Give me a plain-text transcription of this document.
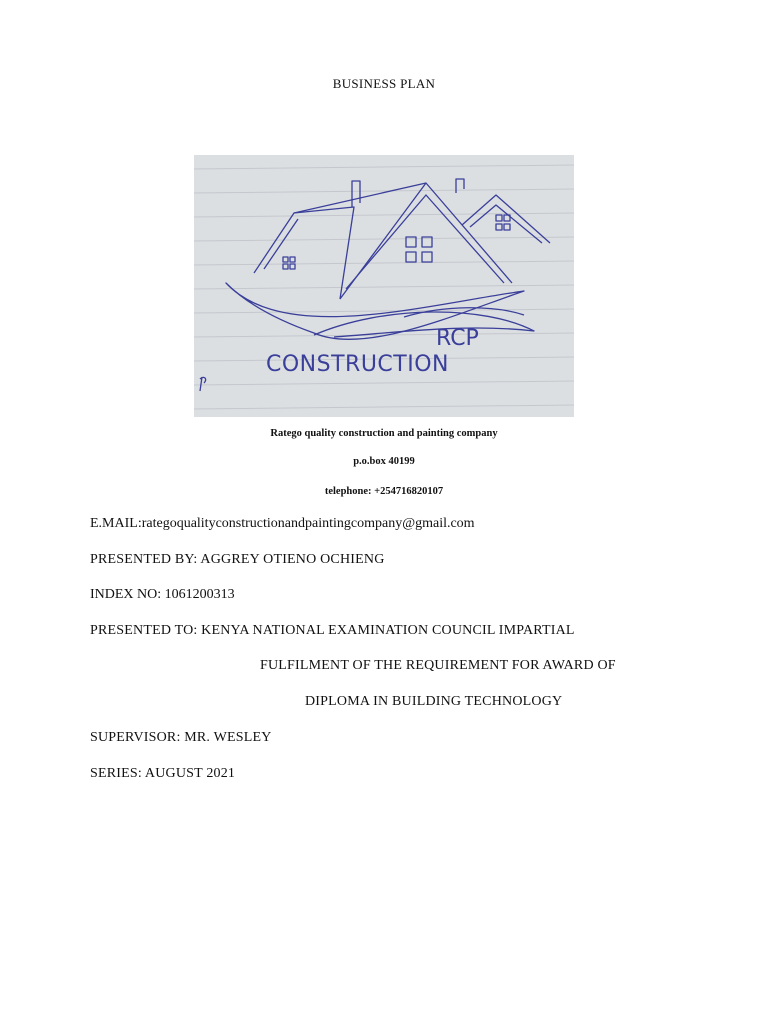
BUSINESS PLAN
CONSTRUCTION
RCP
Ratego quality construction and painting company
p.o.box 40199
telephone: +254716820107
E.MAIL:rategoqualityconstructionandpaintingcompany@gmail.com
PRESENTED BY: AGGREY OTIENO OCHIENG
INDEX NO: 1061200313
PRESENTED TO: KENYA NATIONAL EXAMINATION COUNCIL IMPARTIAL
FULFILMENT OF THE REQUIREMENT FOR AWARD OF
DIPLOMA IN BUILDING TECHNOLOGY
SUPERVISOR: MR. WESLEY
SERIES: AUGUST 2021
